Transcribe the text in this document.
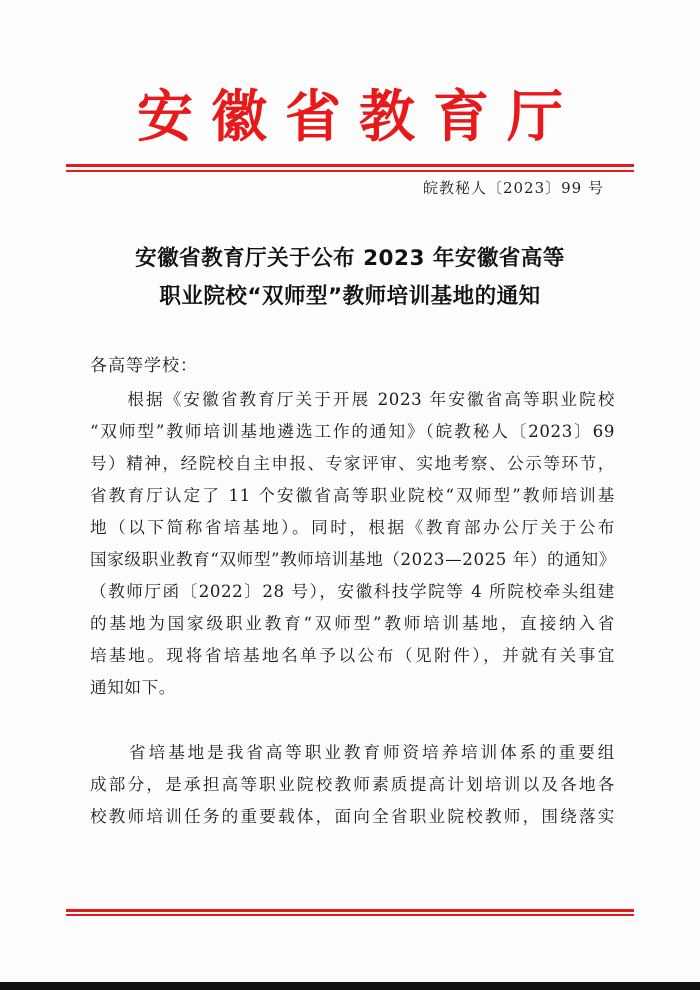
安徽省教育厅
皖教秘人〔2023〕99 号
安徽省教育厅关于公布 2023 年安徽省高等
职业院校“双师型”教师培训基地的通知
各高等学校：
　　根据《安徽省教育厅关于开展 2023 年安徽省高等职业院校
“双师型”教师培训基地遴选工作的通知》（皖教秘人〔2023〕69
号）精神，经院校自主申报、专家评审、实地考察、公示等环节，
省教育厅认定了 11 个安徽省高等职业院校“双师型”教师培训基
地（以下简称省培基地）。同时，根据《教育部办公厅关于公布
国家级职业教育“双师型”教师培训基地（2023—2025 年）的通知》
（教师厅函〔2022〕28 号），安徽科技学院等 4 所院校牵头组建
的基地为国家级职业教育“双师型”教师培训基地，直接纳入省
培基地。现将省培基地名单予以公布（见附件），并就有关事宜
通知如下。
　　省培基地是我省高等职业教育师资培养培训体系的重要组
成部分，是承担高等职业院校教师素质提高计划培训以及各地各
校教师培训任务的重要载体，面向全省职业院校教师，围绕落实
